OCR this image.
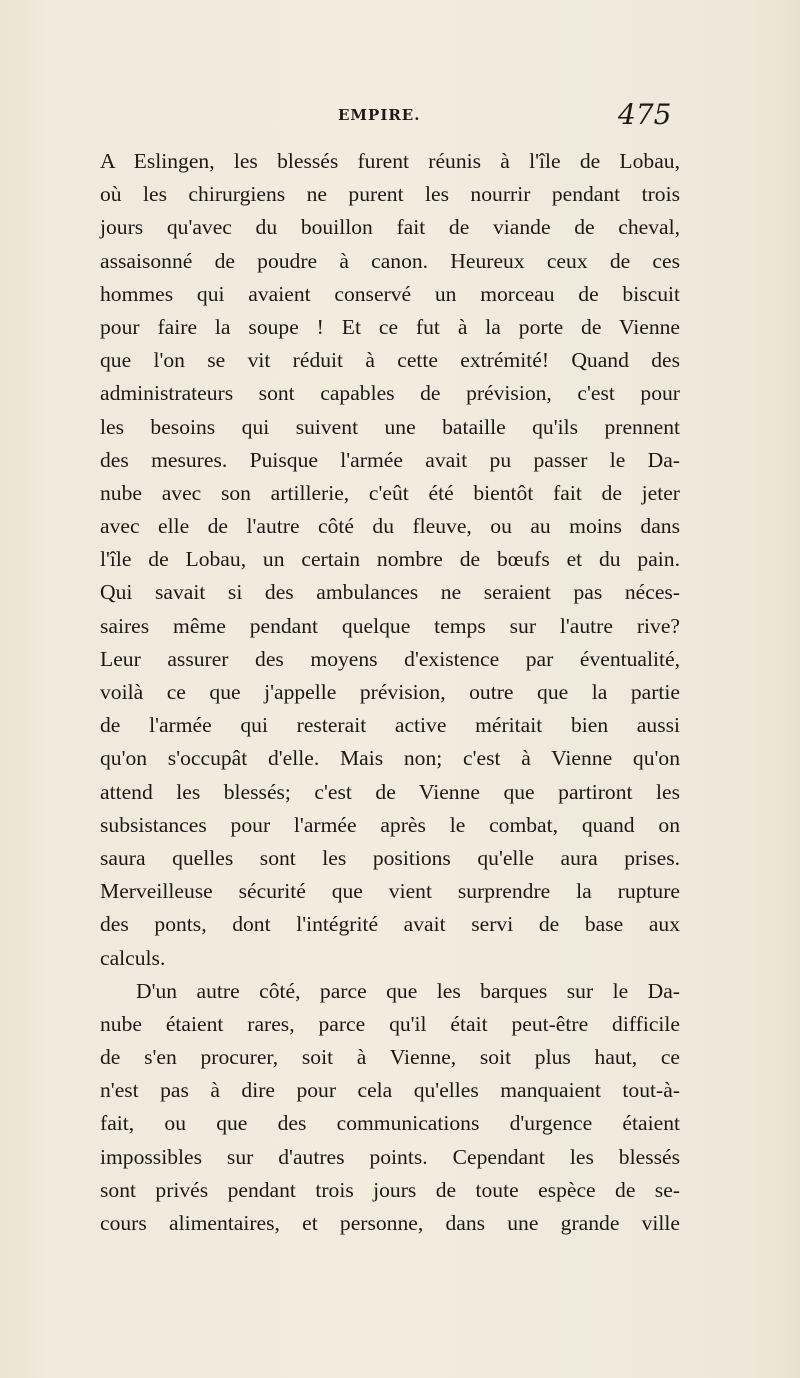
EMPIRE.	475
A Eslingen, les blessés furent réunis à l'île de Lobau,
où les chirurgiens ne purent les nourrir pendant trois
jours qu'avec du bouillon fait de viande de cheval,
assaisonné de poudre à canon. Heureux ceux de ces
hommes qui avaient conservé un morceau de biscuit
pour faire la soupe ! Et ce fut à la porte de Vienne
que l'on se vit réduit à cette extrémité! Quand des
administrateurs sont capables de prévision, c'est pour
les besoins qui suivent une bataille qu'ils prennent
des mesures. Puisque l'armée avait pu passer le Da-
nube avec son artillerie, c'eût été bientôt fait de jeter
avec elle de l'autre côté du fleuve, ou au moins dans
l'île de Lobau, un certain nombre de bœufs et du pain.
Qui savait si des ambulances ne seraient pas néces-
saires même pendant quelque temps sur l'autre rive?
Leur assurer des moyens d'existence par éventualité,
voilà ce que j'appelle prévision, outre que la partie
de l'armée qui resterait active méritait bien aussi
qu'on s'occupât d'elle. Mais non; c'est à Vienne qu'on
attend les blessés; c'est de Vienne que partiront les
subsistances pour l'armée après le combat, quand on
saura quelles sont les positions qu'elle aura prises.
Merveilleuse sécurité que vient surprendre la rupture
des ponts, dont l'intégrité avait servi de base aux
calculs.
D'un autre côté, parce que les barques sur le Da-
nube étaient rares, parce qu'il était peut-être difficile
de s'en procurer, soit à Vienne, soit plus haut, ce
n'est pas à dire pour cela qu'elles manquaient tout-à-
fait, ou que des communications d'urgence étaient
impossibles sur d'autres points. Cependant les blessés
sont privés pendant trois jours de toute espèce de se-
cours alimentaires, et personne, dans une grande ville
